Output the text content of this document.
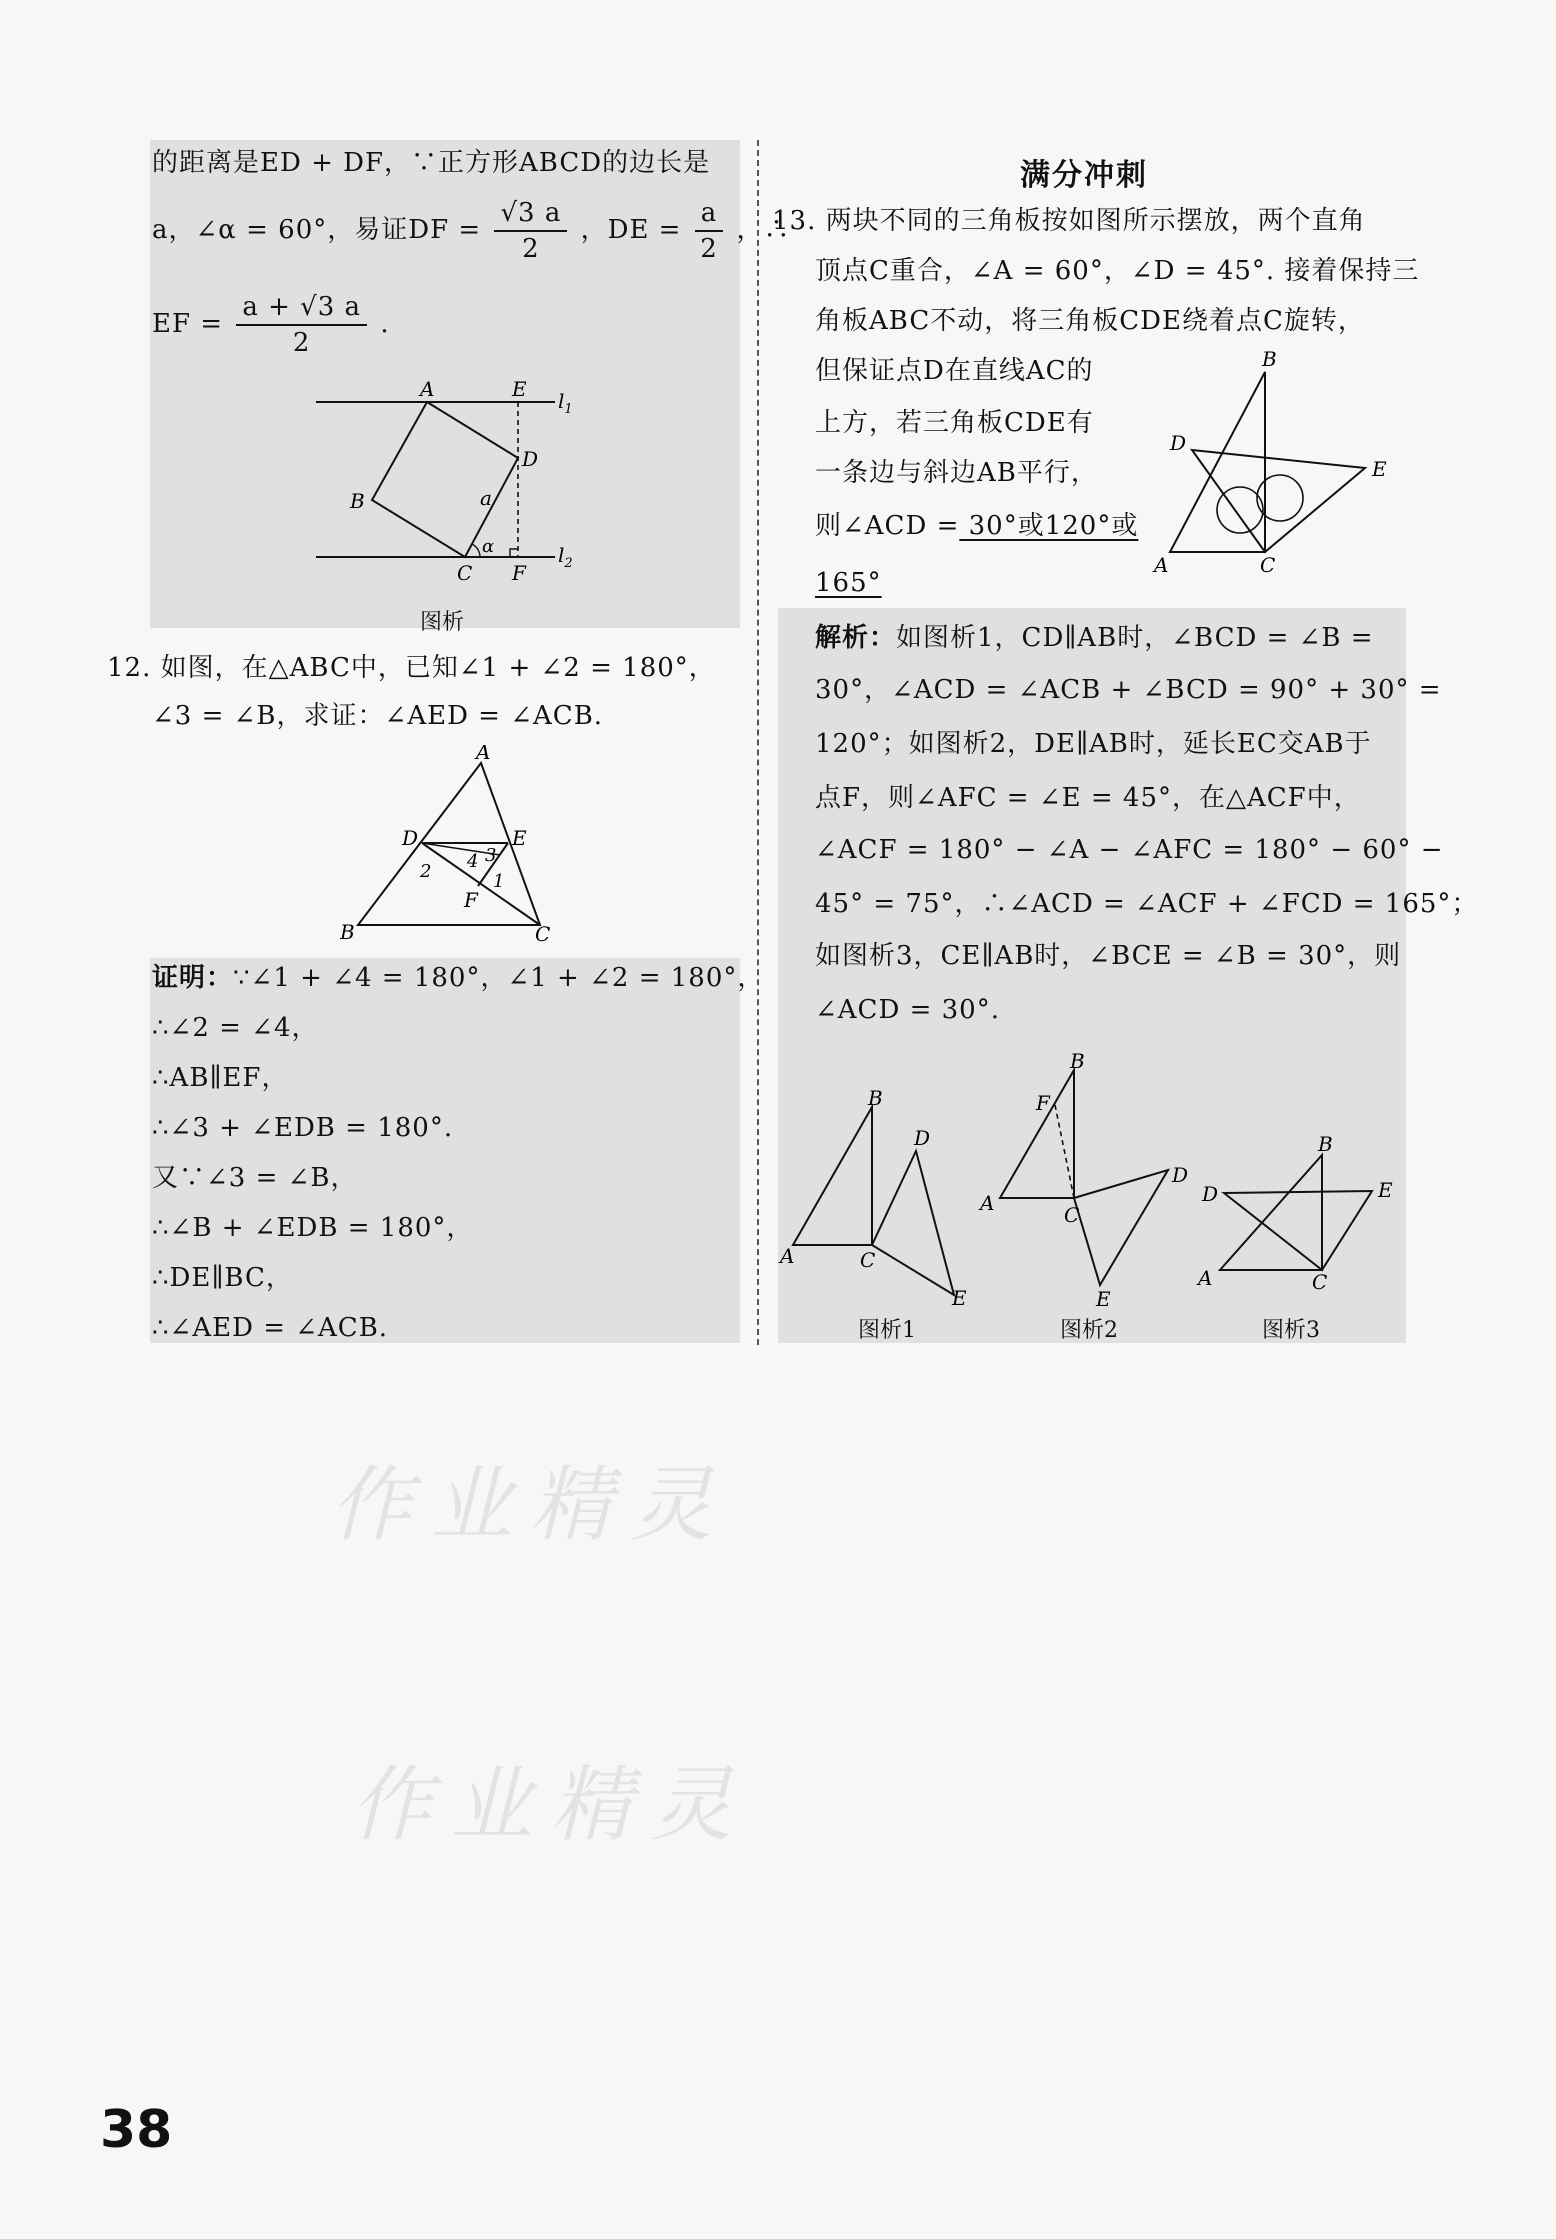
作业精灵
作业精灵
的距离是ED + DF，∵正方形ABCD的边长是
a，∠α = 60°，易证DF = $\frac{√3 a}{2}$ ，DE = $\frac{a}{2}$ ，∴
EF = $\frac{a + √3 a}{2}$ .
A	E $l_1$
D
B	a
α
C F
$l_2$
图析
12. 如图，在△ABC中，已知∠1 + ∠2 = 180°，
∠3 = ∠B，求证：∠AED = ∠ACB.
A
D	E
2 4 3
1
F
B	C
证明：∵∠1 + ∠4 = 180°，∠1 + ∠2 = 180°，
∴∠2 = ∠4，
∴AB∥EF，
∴∠3 + ∠EDB = 180°.
又∵∠3 = ∠B，
∴∠B + ∠EDB = 180°，
∴DE∥BC，
∴∠AED = ∠ACB.
满分冲刺
13. 两块不同的三角板按如图所示摆放，两个直角
顶点C重合，∠A = 60°，∠D = 45°. 接着保持三
角板ABC不动，将三角板CDE绕着点C旋转，
但保证点D在直线AC的
上方，若三角板CDE有
一条边与斜边AB平行，
则∠ACD = 30°或120°或
165°
B
D
E
A	C
解析：如图析1，CD∥AB时，∠BCD = ∠B =
30°，∠ACD = ∠ACB + ∠BCD = 90° + 30° =
120°；如图析2，DE∥AB时，延长EC交AB于
点F，则∠AFC = ∠E = 45°，在△ACF中，
∠ACF = 180° − ∠A − ∠AFC = 180° − 60° −
45° = 75°，∴∠ACD = ∠ACF + ∠FCD = 165°；
如图析3，CE∥AB时，∠BCE = ∠B = 30°，则
∠ACD = 30°.
B
D
A	C
E
B
F
D
A	C
E
B
D	E
A	C
图析1	图析2	图析3
38
